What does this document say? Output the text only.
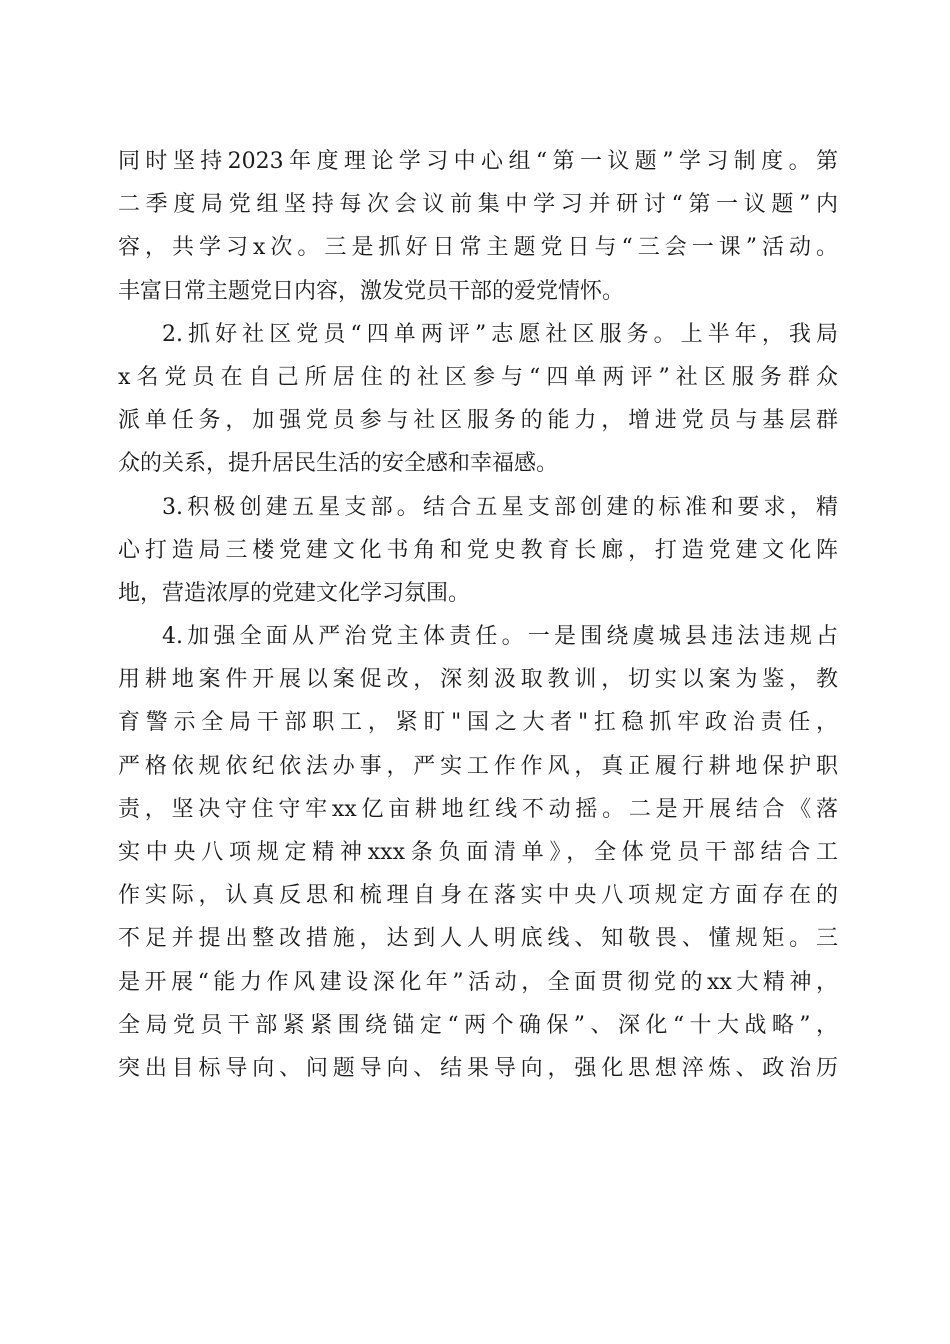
同时坚持2023年度理论学习中心组“第一议题”学习制度。第
二季度局党组坚持每次会议前集中学习并研讨“第一议题”内
容，共学习x次。三是抓好日常主题党日与“三会一课”活动。
丰富日常主题党日内容，激发党员干部的爱党情怀。
2.抓好社区党员“四单两评”志愿社区服务。上半年，我局
x名党员在自己所居住的社区参与“四单两评”社区服务群众
派单任务，加强党员参与社区服务的能力，增进党员与基层群
众的关系，提升居民生活的安全感和幸福感。
3.积极创建五星支部。结合五星支部创建的标准和要求，精
心打造局三楼党建文化书角和党史教育长廊，打造党建文化阵
地，营造浓厚的党建文化学习氛围。
4.加强全面从严治党主体责任。一是围绕虞城县违法违规占
用耕地案件开展以案促改，深刻汲取教训，切实以案为鉴，教
育警示全局干部职工，紧盯"国之大者"扛稳抓牢政治责任，
严格依规依纪依法办事，严实工作作风，真正履行耕地保护职
责，坚决守住守牢xx亿亩耕地红线不动摇。二是开展结合《落
实中央八项规定精神xxx条负面清单》，全体党员干部结合工
作实际，认真反思和梳理自身在落实中央八项规定方面存在的
不足并提出整改措施，达到人人明底线、知敬畏、懂规矩。三
是开展“能力作风建设深化年”活动，全面贯彻党的xx大精神，
全局党员干部紧紧围绕锚定“两个确保”、深化“十大战略”，
突出目标导向、问题导向、结果导向，强化思想淬炼、政治历
